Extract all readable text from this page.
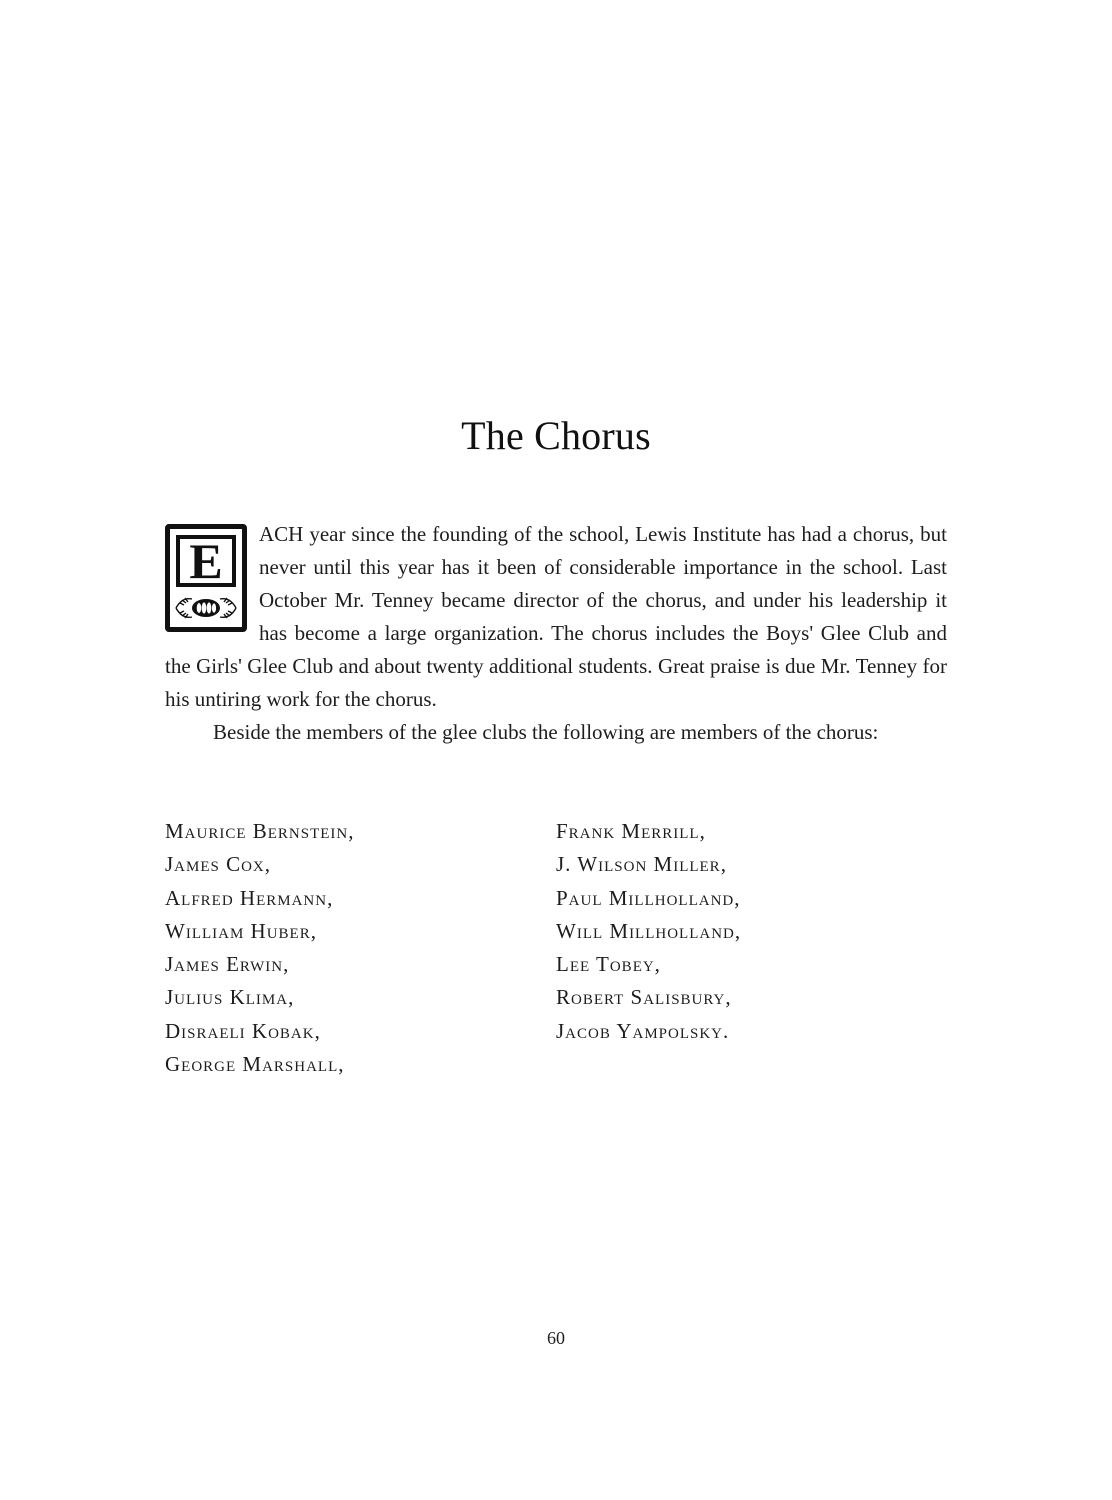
The Chorus
E	ACH year since the founding of the school, Lewis Institute has had a chorus, but never until this year has it been of considerable importance in the school. Last October Mr. Tenney became director of the chorus, and under his leadership it has become a large organization. The chorus includes the Boys' Glee Club and the Girls' Glee Club and about twenty additional students. Great praise is due Mr. Tenney for his untiring work for the chorus.

Beside the members of the glee clubs the following are members of the chorus:

Maurice Bernstein,
James Cox,
Alfred Hermann,
William Huber,
James Erwin,
Julius Klima,
Disraeli Kobak,
George Marshall,
Frank Merrill,
J. Wilson Miller,
Paul Millholland,
Will Millholland,
Lee Tobey,
Robert Salisbury,
Jacob Yampolsky.
60
